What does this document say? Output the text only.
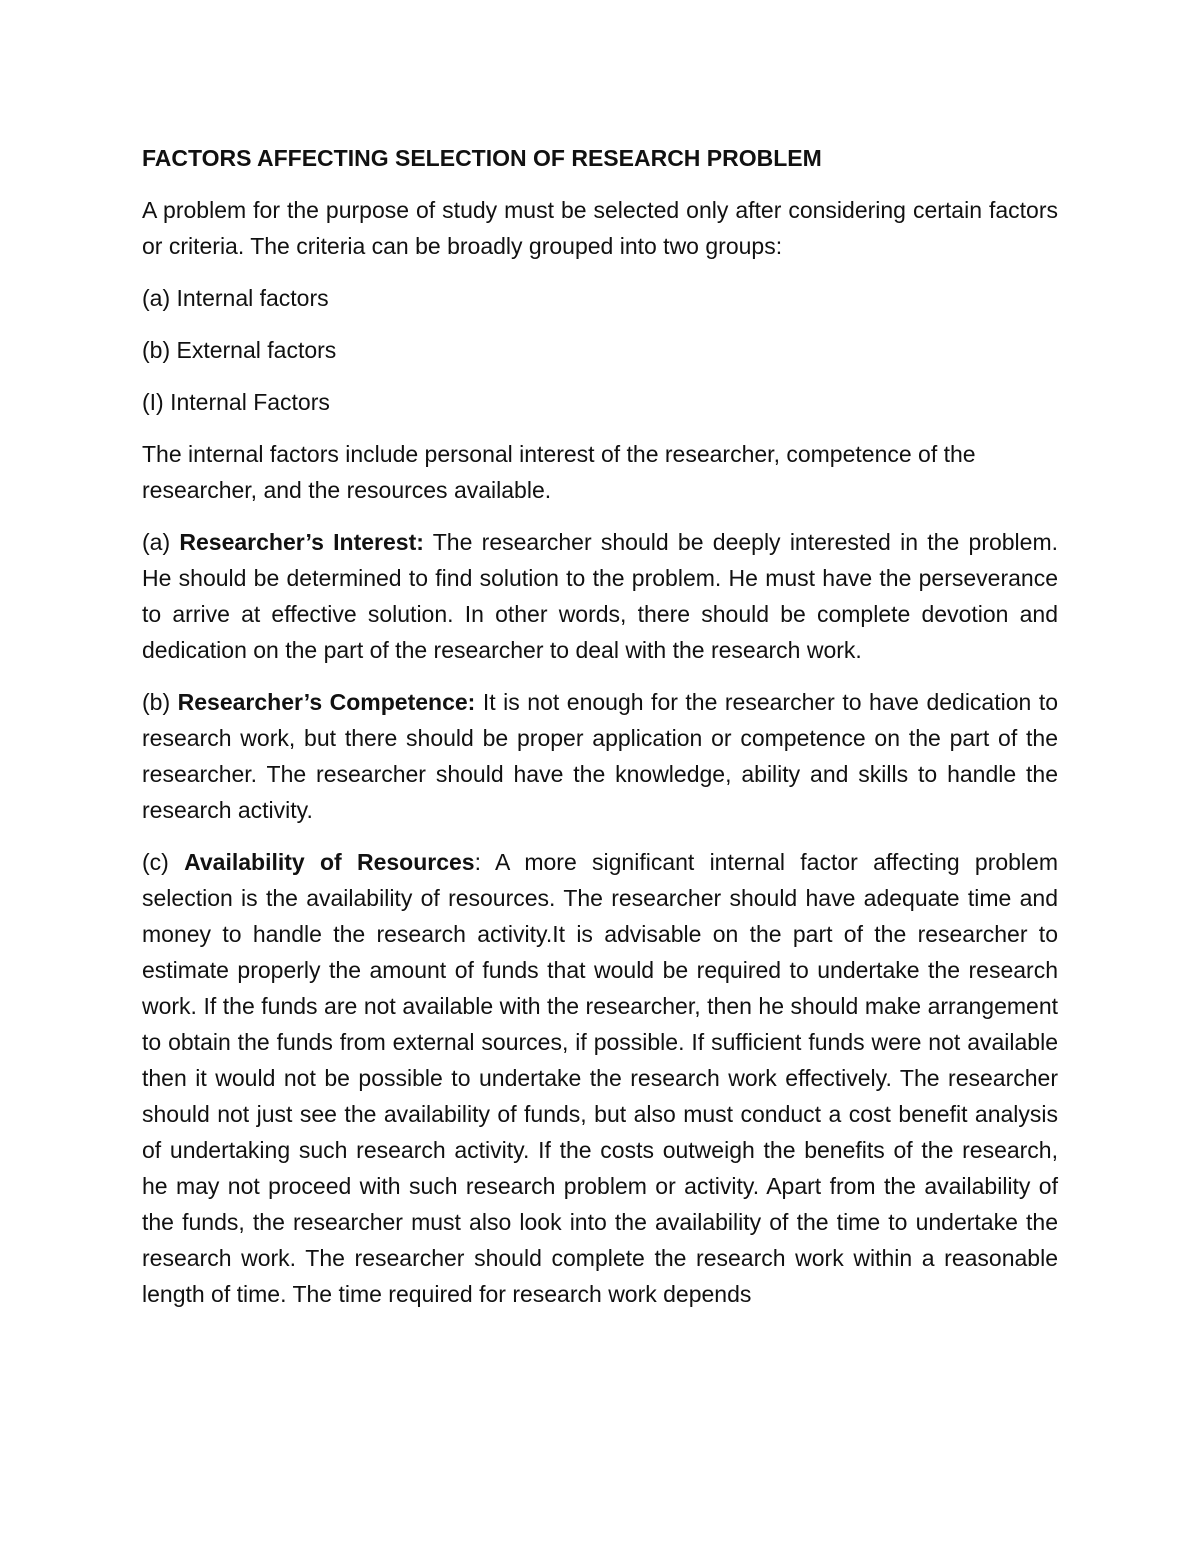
FACTORS AFFECTING SELECTION OF RESEARCH PROBLEM

A problem for the purpose of study must be selected only after considering certain factors or criteria. The criteria can be broadly grouped into two groups:

(a) Internal factors

(b) External factors

(I) Internal Factors

The internal factors include personal interest of the researcher, competence of the researcher, and the resources available.

(a) Researcher’s Interest: The researcher should be deeply interested in the problem. He should be determined to find solution to the problem. He must have the perseverance to arrive at effective solution. In other words, there should be complete devotion and dedication on the part of the researcher to deal with the research work.

(b) Researcher’s Competence: It is not enough for the researcher to have dedication to research work, but there should be proper application or competence on the part of the researcher. The researcher should have the knowledge, ability and skills to handle the research activity.

(c) Availability of Resources: A more significant internal factor affecting problem selection is the availability of resources. The researcher should have adequate time and money to handle the research activity.It is advisable on the part of the researcher to estimate properly the amount of funds that would be required to undertake the research work. If the funds are not available with the researcher, then he should make arrangement to obtain the funds from external sources, if possible. If sufficient funds were not available then it would not be possible to undertake the research work effectively. The researcher should not just see the availability of funds, but also must conduct a cost benefit analysis of undertaking such research activity. If the costs outweigh the benefits of the research, he may not proceed with such research problem or activity. Apart from the availability of the funds, the researcher must also look into the availability of the time to undertake the research work. The researcher should complete the research work within a reasonable length of time. The time required for research work depends
